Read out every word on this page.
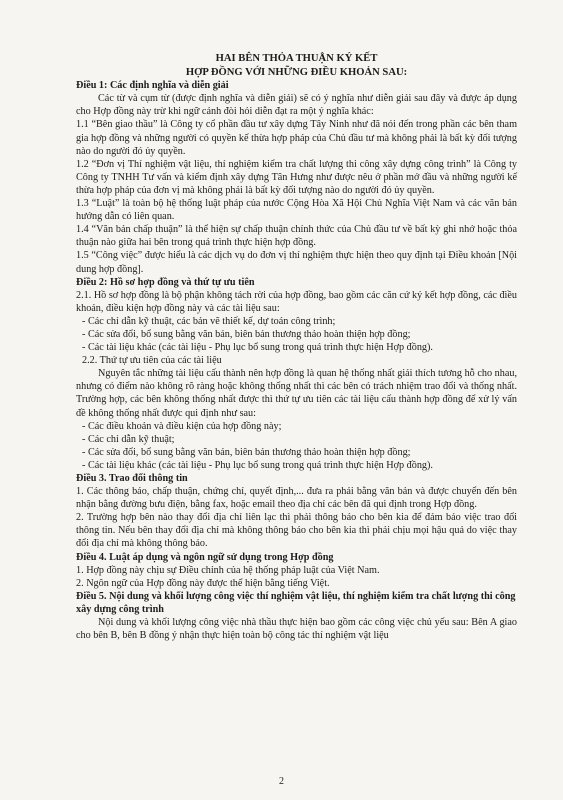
HAI BÊN THỎA THUẬN KÝ KẾT
HỢP ĐỒNG VỚI NHỮNG ĐIỀU KHOẢN SAU:
Điều 1: Các định nghĩa và diễn giải

Các từ và cụm từ (được định nghĩa và diễn giải) sẽ có ý nghĩa như diễn giải sau đây và được áp dụng cho Hợp đồng này trừ khi ngữ cảnh đòi hỏi diễn đạt ra một ý nghĩa khác:

1.1 “Bên giao thầu” là Công ty cổ phần đầu tư xây dựng Tây Ninh như đã nói đến trong phần các bên tham gia hợp đồng và những người có quyền kế thừa hợp pháp của Chủ đầu tư mà không phải là bất kỳ đối tượng nào do người đó ủy quyền.

1.2 “Đơn vị Thí nghiệm vật liệu, thí nghiệm kiểm tra chất lượng thi công xây dựng công trình” là Công ty Công ty TNHH Tư vấn và kiểm định xây dựng Tân Hưng như được nêu ở phần mở đầu và những người kế thừa hợp pháp của đơn vị mà không phải là bất kỳ đối tượng nào do người đó ủy quyền.

1.3 “Luật” là toàn bộ hệ thống luật pháp của nước Cộng Hòa Xã Hội Chủ Nghĩa Việt Nam và các văn bản hướng dẫn có liên quan.

1.4 “Văn bản chấp thuận” là thể hiện sự chấp thuận chính thức của Chủ đầu tư về bất kỳ ghi nhớ hoặc thỏa thuận nào giữa hai bên trong quá trình thực hiện hợp đồng.

1.5 “Công việc” được hiểu là các dịch vụ do đơn vị thí nghiệm thực hiện theo quy định tại Điều khoản [Nội dung hợp đồng].

Điều 2: Hồ sơ hợp đồng và thứ tự ưu tiên

2.1. Hồ sơ hợp đồng là bộ phận không tách rời của hợp đồng, bao gồm các căn cứ ký kết hợp đồng, các điều khoản, điều kiện hợp đồng này và các tài liệu sau:

- Các chỉ dẫn kỹ thuật, các bản vẽ thiết kế, dự toán công trình;

- Các sửa đổi, bổ sung bằng văn bản, biên bản thương thảo hoàn thiện hợp đồng;

- Các tài liệu khác (các tài liệu - Phụ lục bổ sung trong quá trình thực hiện Hợp đồng).

2.2. Thứ tự ưu tiên của các tài liệu

Nguyên tắc những tài liệu cấu thành nên hợp đồng là quan hệ thống nhất giải thích tương hỗ cho nhau, nhưng có điểm nào không rõ ràng hoặc không thống nhất thì các bên có trách nhiệm trao đổi và thống nhất. Trường hợp, các bên không thống nhất được thì thứ tự ưu tiên các tài liệu cấu thành hợp đồng để xử lý vấn đề không thống nhất được qui định như sau:

- Các điều khoản và điều kiện của hợp đồng này;

- Các chỉ dẫn kỹ thuật;

- Các sửa đổi, bổ sung bằng văn bản, biên bản thương thảo hoàn thiện hợp đồng;

- Các tài liệu khác (các tài liệu - Phụ lục bổ sung trong quá trình thực hiện Hợp đồng).

Điều 3. Trao đổi thông tin

1. Các thông báo, chấp thuận, chứng chỉ, quyết định,... đưa ra phải bằng văn bản và được chuyển đến bên nhận bằng đường bưu điện, bằng fax, hoặc email theo địa chỉ các bên đã qui định trong Hợp đồng.

2. Trường hợp bên nào thay đổi địa chỉ liên lạc thì phải thông báo cho bên kia để đảm bảo việc trao đổi thông tin. Nếu bên thay đổi địa chỉ mà không thông báo cho bên kia thì phải chịu mọi hậu quả do việc thay đổi địa chỉ mà không thông báo.

Điều 4. Luật áp dụng và ngôn ngữ sử dụng trong Hợp đồng

1. Hợp đồng này chịu sự Điều chỉnh của hệ thống pháp luật của Việt Nam.

2. Ngôn ngữ của Hợp đồng này được thể hiện bằng tiếng Việt.

Điều 5. Nội dung và khối lượng công việc thí nghiệm vật liệu, thí nghiệm kiểm tra chất lượng thi công xây dựng công trình

Nội dung và khối lượng công việc nhà thầu thực hiện bao gồm các công việc chủ yếu sau: Bên A giao cho bên B, bên B đồng ý nhận thực hiện toàn bộ công tác thí nghiệm vật liệu

2
